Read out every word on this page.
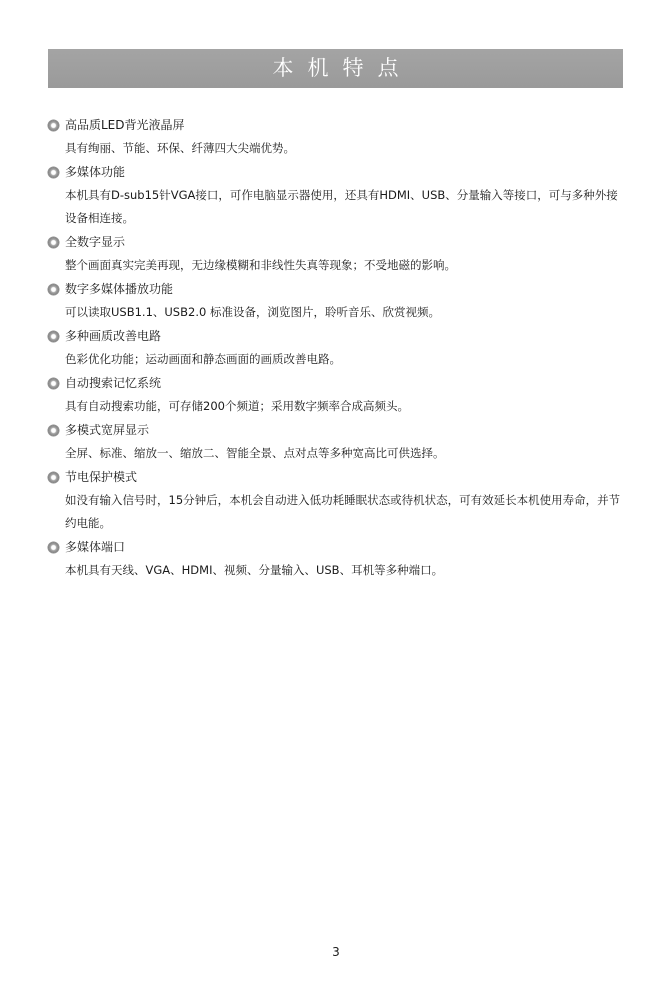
本机特点
高品质LED背光液晶屏

具有绚丽、节能、环保、纤薄四大尖端优势。

多媒体功能

本机具有D-sub15针VGA接口，可作电脑显示器使用，还具有HDMI、USB、分量输入等接口，可与多种外接设备相连接。

全数字显示

整个画面真实完美再现，无边缘模糊和非线性失真等现象；不受地磁的影响。

数字多媒体播放功能

可以读取USB1.1、USB2.0 标准设备，浏览图片，聆听音乐、欣赏视频。

多种画质改善电路

色彩优化功能；运动画面和静态画面的画质改善电路。

自动搜索记忆系统

具有自动搜索功能，可存储200个频道；采用数字频率合成高频头。

多模式宽屏显示

全屏、标准、缩放一、缩放二、智能全景、点对点等多种宽高比可供选择。

节电保护模式

如没有输入信号时，15分钟后，本机会自动进入低功耗睡眠状态或待机状态，可有效延长本机使用寿命，并节约电能。

多媒体端口

本机具有天线、VGA、HDMI、视频、分量输入、USB、耳机等多种端口。

3
